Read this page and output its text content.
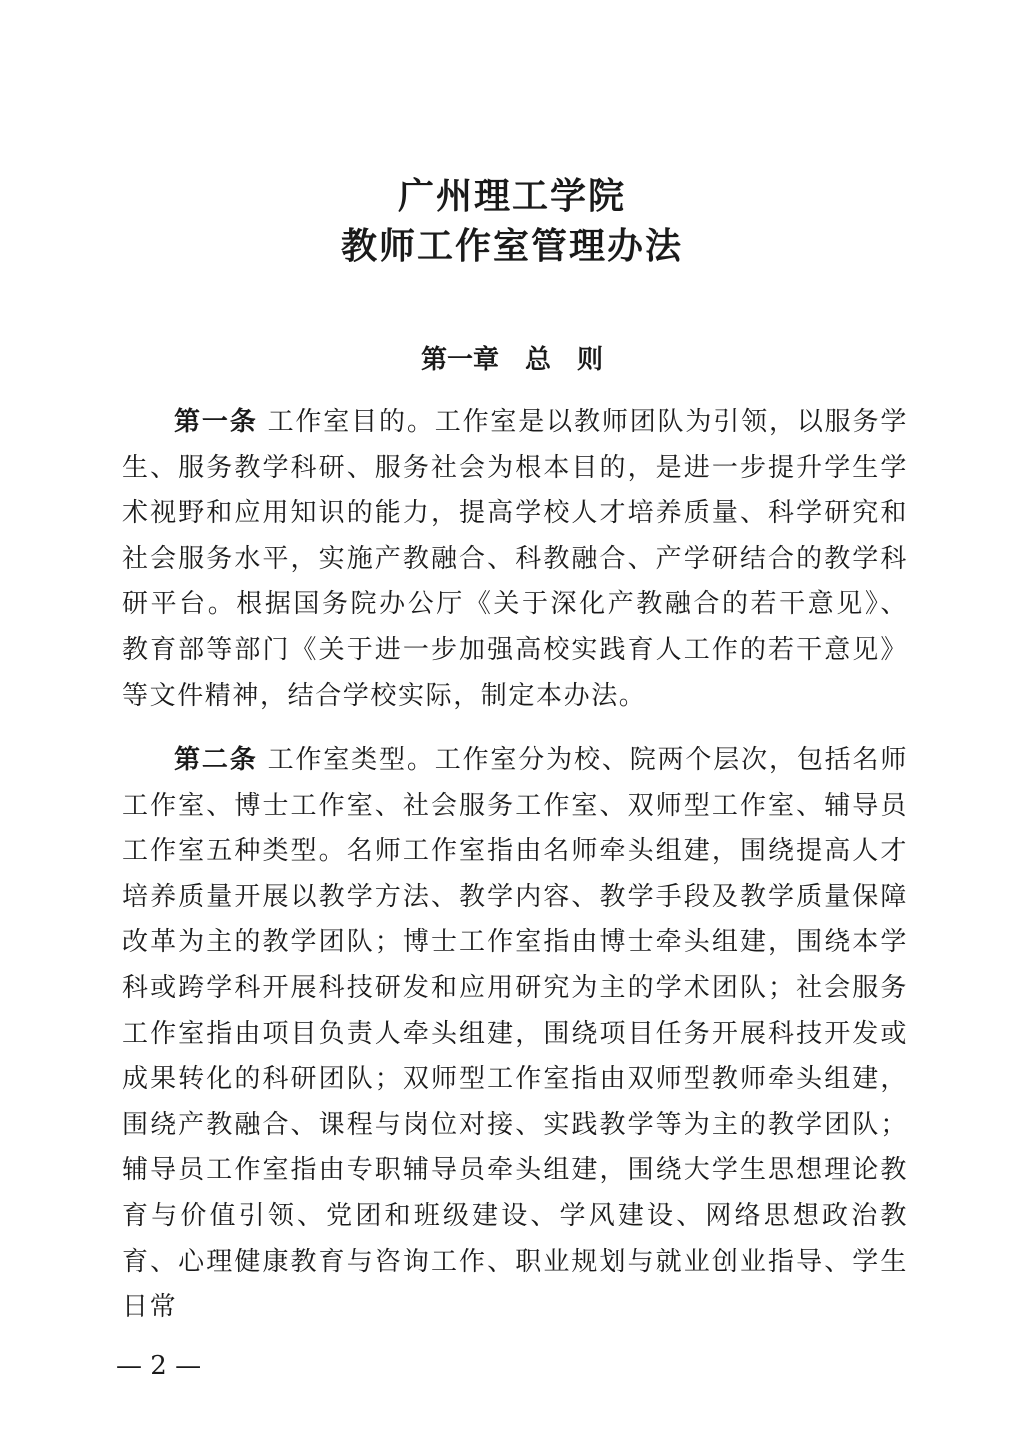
广州理工学院
教师工作室管理办法
第一章　总　则

第一条 工作室目的。工作室是以教师团队为引领，以服务学生、服务教学科研、服务社会为根本目的，是进一步提升学生学术视野和应用知识的能力，提高学校人才培养质量、科学研究和社会服务水平，实施产教融合、科教融合、产学研结合的教学科研平台。根据国务院办公厅《关于深化产教融合的若干意见》、教育部等部门《关于进一步加强高校实践育人工作的若干意见》等文件精神，结合学校实际，制定本办法。

第二条 工作室类型。工作室分为校、院两个层次，包括名师工作室、博士工作室、社会服务工作室、双师型工作室、辅导员工作室五种类型。名师工作室指由名师牵头组建，围绕提高人才培养质量开展以教学方法、教学内容、教学手段及教学质量保障改革为主的教学团队；博士工作室指由博士牵头组建，围绕本学科或跨学科开展科技研发和应用研究为主的学术团队；社会服务工作室指由项目负责人牵头组建，围绕项目任务开展科技开发或成果转化的科研团队；双师型工作室指由双师型教师牵头组建，围绕产教融合、课程与岗位对接、实践教学等为主的教学团队；辅导员工作室指由专职辅导员牵头组建，围绕大学生思想理论教育与价值引领、党团和班级建设、学风建设、网络思想政治教育、心理健康教育与咨询工作、职业规划与就业创业指导、学生日常

— 2 —
